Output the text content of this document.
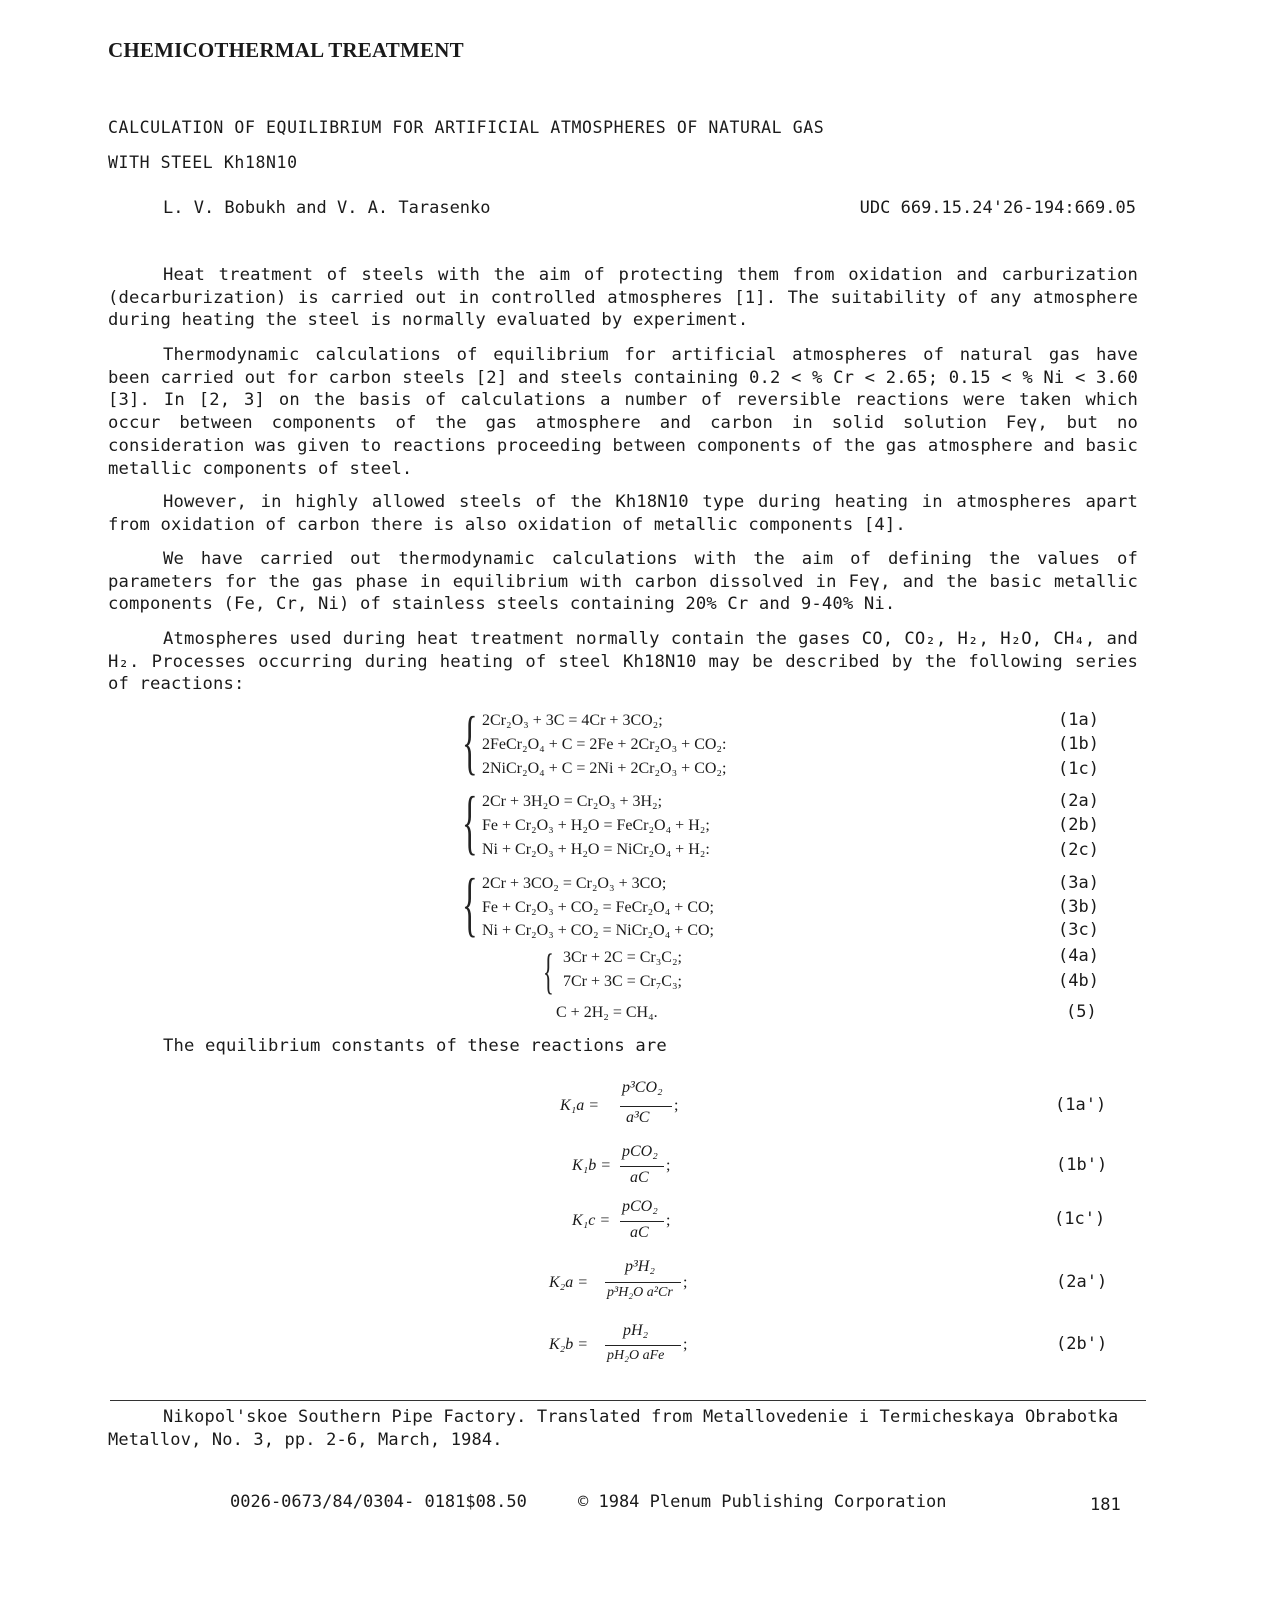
CHEMICOTHERMAL TREATMENT
CALCULATION OF EQUILIBRIUM FOR ARTIFICIAL ATMOSPHERES OF NATURAL GAS
WITH STEEL Kh18N10
L. V. Bobukh and V. A. Tarasenko	UDC 669.15.24'26-194:669.05
Heat treatment of steels with the aim of protecting them from oxidation and carburization (decarburization) is carried out in controlled atmospheres [1]. The suitability of any atmosphere during heating the steel is normally evaluated by experiment.
Thermodynamic calculations of equilibrium for artificial atmospheres of natural gas have been carried out for carbon steels [2] and steels containing 0.2 < % Cr < 2.65; 0.15 < % Ni < 3.60 [3]. In [2, 3] on the basis of calculations a number of reversible reactions were taken which occur between components of the gas atmosphere and carbon in solid solution Feγ, but no consideration was given to reactions proceeding between components of the gas atmosphere and basic metallic components of steel.
However, in highly allowed steels of the Kh18N10 type during heating in atmospheres apart from oxidation of carbon there is also oxidation of metallic components [4].
We have carried out thermodynamic calculations with the aim of defining the values of parameters for the gas phase in equilibrium with carbon dissolved in Feγ, and the basic metallic components (Fe, Cr, Ni) of stainless steels containing 20% Cr and 9-40% Ni.
Atmospheres used during heat treatment normally contain the gases CO, CO₂, H₂, H₂O, CH₄, and H₂. Processes occurring during heating of steel Kh18N10 may be described by the following series of reactions:
{
{
{
{
2Cr₂O₃ + 3C = 4Cr + 3CO₂;	(1a)
2FeCr₂O₄ + C = 2Fe + 2Cr₂O₃ + CO₂:	(1b)
2NiCr₂O₄ + C = 2Ni + 2Cr₂O₃ + CO₂;	(1c)
2Cr + 3H₂O = Cr₂O₃ + 3H₂;	(2a)
Fe + Cr₂O₃ + H₂O = FeCr₂O₄ + H₂;	(2b)
Ni + Cr₂O₃ + H₂O = NiCr₂O₄ + H₂:	(2c)
2Cr + 3CO₂ = Cr₂O₃ + 3CO;	(3a)
Fe + Cr₂O₃ + CO₂ = FeCr₂O₄ + CO;	(3b)
Ni + Cr₂O₃ + CO₂ = NiCr₂O₄ + CO;	(3c)
3Cr + 2C = Cr₃C₂;	(4a)
7Cr + 3C = Cr₇C₃;	(4b)
C + 2H₂ = CH₄.	(5)
The equilibrium constants of these reactions are
K₁a =
p³CO₂
a³C
;	(1a')
K₁b =
pCO₂
aC
;	(1b')
K₁c =
pCO₂
aC
;	(1c')
K₂a =
p³H₂
p³H₂O a²Cr
;	(2a')
K₂b =
pH₂
pH₂O aFe
;	(2b')
Nikopol'skoe Southern Pipe Factory. Translated from Metallovedenie i Termicheskaya Obrabotka Metallov, No. 3, pp. 2-6, March, 1984.
0026-0673/84/0304- 0181$08.50	© 1984 Plenum Publishing Corporation	181
